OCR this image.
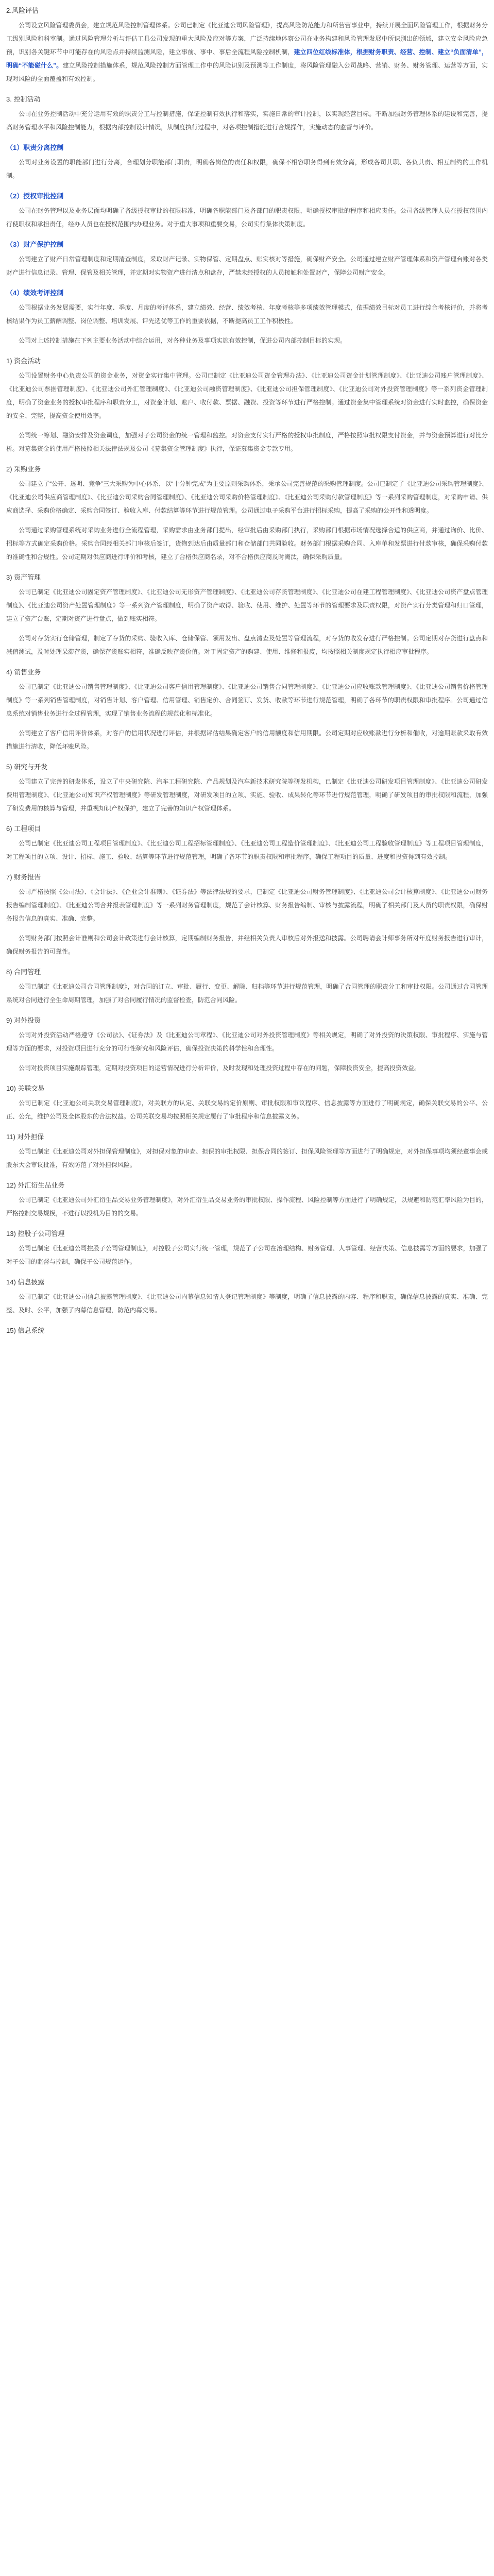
2.风险评估

公司设立风险管理委员会，建立规范风险控制管理体系。公司已制定《比亚迪公司风险管理》，提高风险防范能力和所营营事业中，持续开展全面风险管理工作，根据财务分工级别风险和科室制。通过风险管理分析与评估工具公司发现的重大风险及应对等方案，广泛持续地体察公司在业务构建和风险管理发展中所识别出的领域，建立安全风险应急预，识别各关键环节中可能存在的风险点并持续监测风险，建立事前、事中、事后全流程风险控制机制，建立四位红线标准体，根据财务职责、经营、控制、建立“负面清单”，明确“不能碰什么”。建立风险控制措施体系，规范风险控制方面管理工作中的风险识别及预测等工作制度，将风险管理融入公司战略、营销、财务、财务管理、运营等方面，实现对风险的全面覆盖和有效控制。

3. 控制活动

公司在业务控制活动中充分运用有效的职责分工与控制措施，保证控制有效执行和落实，实施日常的审计控制，以实现经营目标。不断加强财务管理体系的建设和完善，提高财务管理水平和风险控制能力，根据内部控制设计情况，从制度执行过程中，对各项控制措施进行合规操作，实施动态的监督与评价。

（1）职责分离控制

公司对业务设置的职能部门进行分离，合理划分职能部门职责，明确各岗位的责任和权限，确保不相容职务得到有效分离，形成各司其职、各负其责、相互制约的工作机制。

（2）授权审批控制

公司在财务管理以及业务层面均明确了各级授权审批的权限标准，明确各职能部门及各部门的职责权限，明确授权审批的程序和相应责任。公司各级管理人员在授权范围内行使职权和承担责任，经办人员也在授权范围内办理业务。对于重大事项和重要交易，公司实行集体决策制度。

（3）财产保护控制

公司建立了财产日常管理制度和定期清查制度，采取财产记录、实物保管、定期盘点、账实核对等措施，确保财产安全。公司通过建立财产管理体系和资产管理台账对各类财产进行信息记录、管理、保管及相关管理，并定期对实物资产进行清点和盘存，严禁未经授权的人员接触和处置财产，保障公司财产安全。

（4）绩效考评控制

公司根据业务发展需要，实行年度、季度、月度的考评体系，建立绩效、经营、绩效考核、年度考核等多项绩效管理模式，依据绩效目标对员工进行综合考核评价，并将考核结果作为员工薪酬调整、岗位调整、培训发展、评先选优等工作的重要依据，不断提高员工工作积极性。

公司对上述控制措施在下列主要业务活动中综合运用，对各种业务及事项实施有效控制，促进公司内部控制目标的实现。

1) 资金活动

公司设置财务中心负责公司的资金业务，对资金实行集中管理。公司已制定《比亚迪公司资金管理办法》、《比亚迪公司资金计划管理制度》、《比亚迪公司账户管理制度》、《比亚迪公司票据管理制度》、《比亚迪公司外汇管理制度》、《比亚迪公司融资管理制度》、《比亚迪公司担保管理制度》、《比亚迪公司对外投资管理制度》等一系列资金管理制度，明确了资金业务的授权审批程序和职责分工，对资金计划、账户、收付款、票据、融资、投资等环节进行严格控制。通过资金集中管理系统对资金进行实时监控，确保资金的安全、完整，提高资金使用效率。

公司统一筹划、融资安排及资金调度，加强对子公司资金的统一管理和监控。对资金支付实行严格的授权审批制度，严格按照审批权限支付资金，并与资金预算进行对比分析。对募集资金的使用严格按照相关法律法规及公司《募集资金管理制度》执行，保证募集资金专款专用。

2) 采购业务

公司建立了“公开、透明、竞争”三大采购为中心体系，以“十分钟完成”为主要原则采购体系，秉承公司完善规范的采购管理制度。公司已制定了《比亚迪公司采购管理制度》、《比亚迪公司供应商管理制度》、《比亚迪公司采购合同管理制度》、《比亚迪公司采购价格管理制度》、《比亚迪公司采购付款管理制度》等一系列采购管理制度，对采购申请、供应商选择、采购价格确定、采购合同签订、验收入库、付款结算等环节进行规范管理。公司通过电子采购平台进行招标采购，提高了采购的公开性和透明度。

公司通过采购管理系统对采购业务进行全流程管理，采购需求由业务部门提出，经审批后由采购部门执行，采购部门根据市场情况选择合适的供应商，并通过询价、比价、招标等方式确定采购价格。采购合同经相关部门审核后签订，货物到达后由质量部门和仓储部门共同验收。财务部门根据采购合同、入库单和发票进行付款审核，确保采购付款的准确性和合规性。公司定期对供应商进行评价和考核，建立了合格供应商名录，对不合格供应商及时淘汰，确保采购质量。

3) 资产管理

公司已制定《比亚迪公司固定资产管理制度》、《比亚迪公司无形资产管理制度》、《比亚迪公司存货管理制度》、《比亚迪公司在建工程管理制度》、《比亚迪公司资产盘点管理制度》、《比亚迪公司资产处置管理制度》等一系列资产管理制度，明确了资产取得、验收、使用、维护、处置等环节的管理要求及职责权限，对资产实行分类管理和归口管理，建立了资产台账，定期对资产进行盘点，做到账实相符。

公司对存货实行仓储管理，制定了存货的采购、验收入库、仓储保管、领用发出、盘点清查及处置等管理流程，对存货的收发存进行严格控制。公司定期对存货进行盘点和减值测试，及时处理呆滞存货，确保存货账实相符，准确反映存货价值。对于固定资产的购建、使用、维修和报废，均按照相关制度规定执行相应审批程序。

4) 销售业务

公司已制定《比亚迪公司销售管理制度》、《比亚迪公司客户信用管理制度》、《比亚迪公司销售合同管理制度》、《比亚迪公司应收账款管理制度》、《比亚迪公司销售价格管理制度》等一系列销售管理制度，对销售计划、客户管理、信用管理、销售定价、合同签订、发货、收款等环节进行规范管理，明确了各环节的职责权限和审批程序。公司通过信息系统对销售业务进行全过程管理，实现了销售业务流程的规范化和标准化。

公司建立了客户信用评价体系，对客户的信用状况进行评估，并根据评估结果确定客户的信用额度和信用期限。公司定期对应收账款进行分析和催收，对逾期账款采取有效措施进行清收，降低坏账风险。

5) 研究与开发

公司建立了完善的研发体系，设立了中央研究院、汽车工程研究院、产品规划及汽车新技术研究院等研发机构，已制定《比亚迪公司研发项目管理制度》、《比亚迪公司研发费用管理制度》、《比亚迪公司知识产权管理制度》等研发管理制度，对研发项目的立项、实施、验收、成果转化等环节进行规范管理，明确了研发项目的审批权限和流程，加强了研发费用的核算与管理，并重视知识产权保护，建立了完善的知识产权管理体系。

6) 工程项目

公司已制定《比亚迪公司工程项目管理制度》、《比亚迪公司工程招标管理制度》、《比亚迪公司工程造价管理制度》、《比亚迪公司工程验收管理制度》等工程项目管理制度，对工程项目的立项、设计、招标、施工、验收、结算等环节进行规范管理，明确了各环节的职责权限和审批程序，确保工程项目的质量、进度和投资得到有效控制。

7) 财务报告

公司严格按照《公司法》、《会计法》、《企业会计准则》、《证券法》等法律法规的要求，已制定《比亚迪公司财务管理制度》、《比亚迪公司会计核算制度》、《比亚迪公司财务报告编制管理制度》、《比亚迪公司合并报表管理制度》等一系列财务管理制度，规范了会计核算、财务报告编制、审核与披露流程，明确了相关部门及人员的职责权限，确保财务报告信息的真实、准确、完整。

公司财务部门按照会计准则和公司会计政策进行会计核算，定期编制财务报告，并经相关负责人审核后对外报送和披露。公司聘请会计师事务所对年度财务报告进行审计，确保财务报告的可靠性。

8) 合同管理

公司已制定《比亚迪公司合同管理制度》，对合同的订立、审批、履行、变更、解除、归档等环节进行规范管理，明确了合同管理的职责分工和审批权限。公司通过合同管理系统对合同进行全生命周期管理，加强了对合同履行情况的监督检查，防范合同风险。

9) 对外投资

公司对外投资活动严格遵守《公司法》、《证券法》及《比亚迪公司章程》、《比亚迪公司对外投资管理制度》等相关规定，明确了对外投资的决策权限、审批程序、实施与管理等方面的要求，对投资项目进行充分的可行性研究和风险评估，确保投资决策的科学性和合理性。

公司对投资项目实施跟踪管理，定期对投资项目的运营情况进行分析评价，及时发现和处理投资过程中存在的问题，保障投资安全，提高投资效益。

10) 关联交易

公司已制定《比亚迪公司关联交易管理制度》，对关联方的认定、关联交易的定价原则、审批权限和审议程序、信息披露等方面进行了明确规定，确保关联交易的公平、公正、公允，维护公司及全体股东的合法权益。公司关联交易均按照相关规定履行了审批程序和信息披露义务。

11) 对外担保

公司已制定《比亚迪公司对外担保管理制度》，对担保对象的审查、担保的审批权限、担保合同的签订、担保风险管理等方面进行了明确规定，对外担保事项均须经董事会或股东大会审议批准，有效防范了对外担保风险。

12) 外汇衍生品业务

公司已制定《比亚迪公司外汇衍生品交易业务管理制度》，对外汇衍生品交易业务的审批权限、操作流程、风险控制等方面进行了明确规定，以规避和防范汇率风险为目的，严格控制交易规模，不进行以投机为目的的交易。

13) 控股子公司管理

公司已制定《比亚迪公司控股子公司管理制度》，对控股子公司实行统一管理，规范了子公司在治理结构、财务管理、人事管理、经营决策、信息披露等方面的要求，加强了对子公司的监督与控制，确保子公司规范运作。

14) 信息披露

公司已制定《比亚迪公司信息披露管理制度》、《比亚迪公司内幕信息知情人登记管理制度》等制度，明确了信息披露的内容、程序和职责，确保信息披露的真实、准确、完整、及时、公平，加强了内幕信息管理，防范内幕交易。

15) 信息系统
